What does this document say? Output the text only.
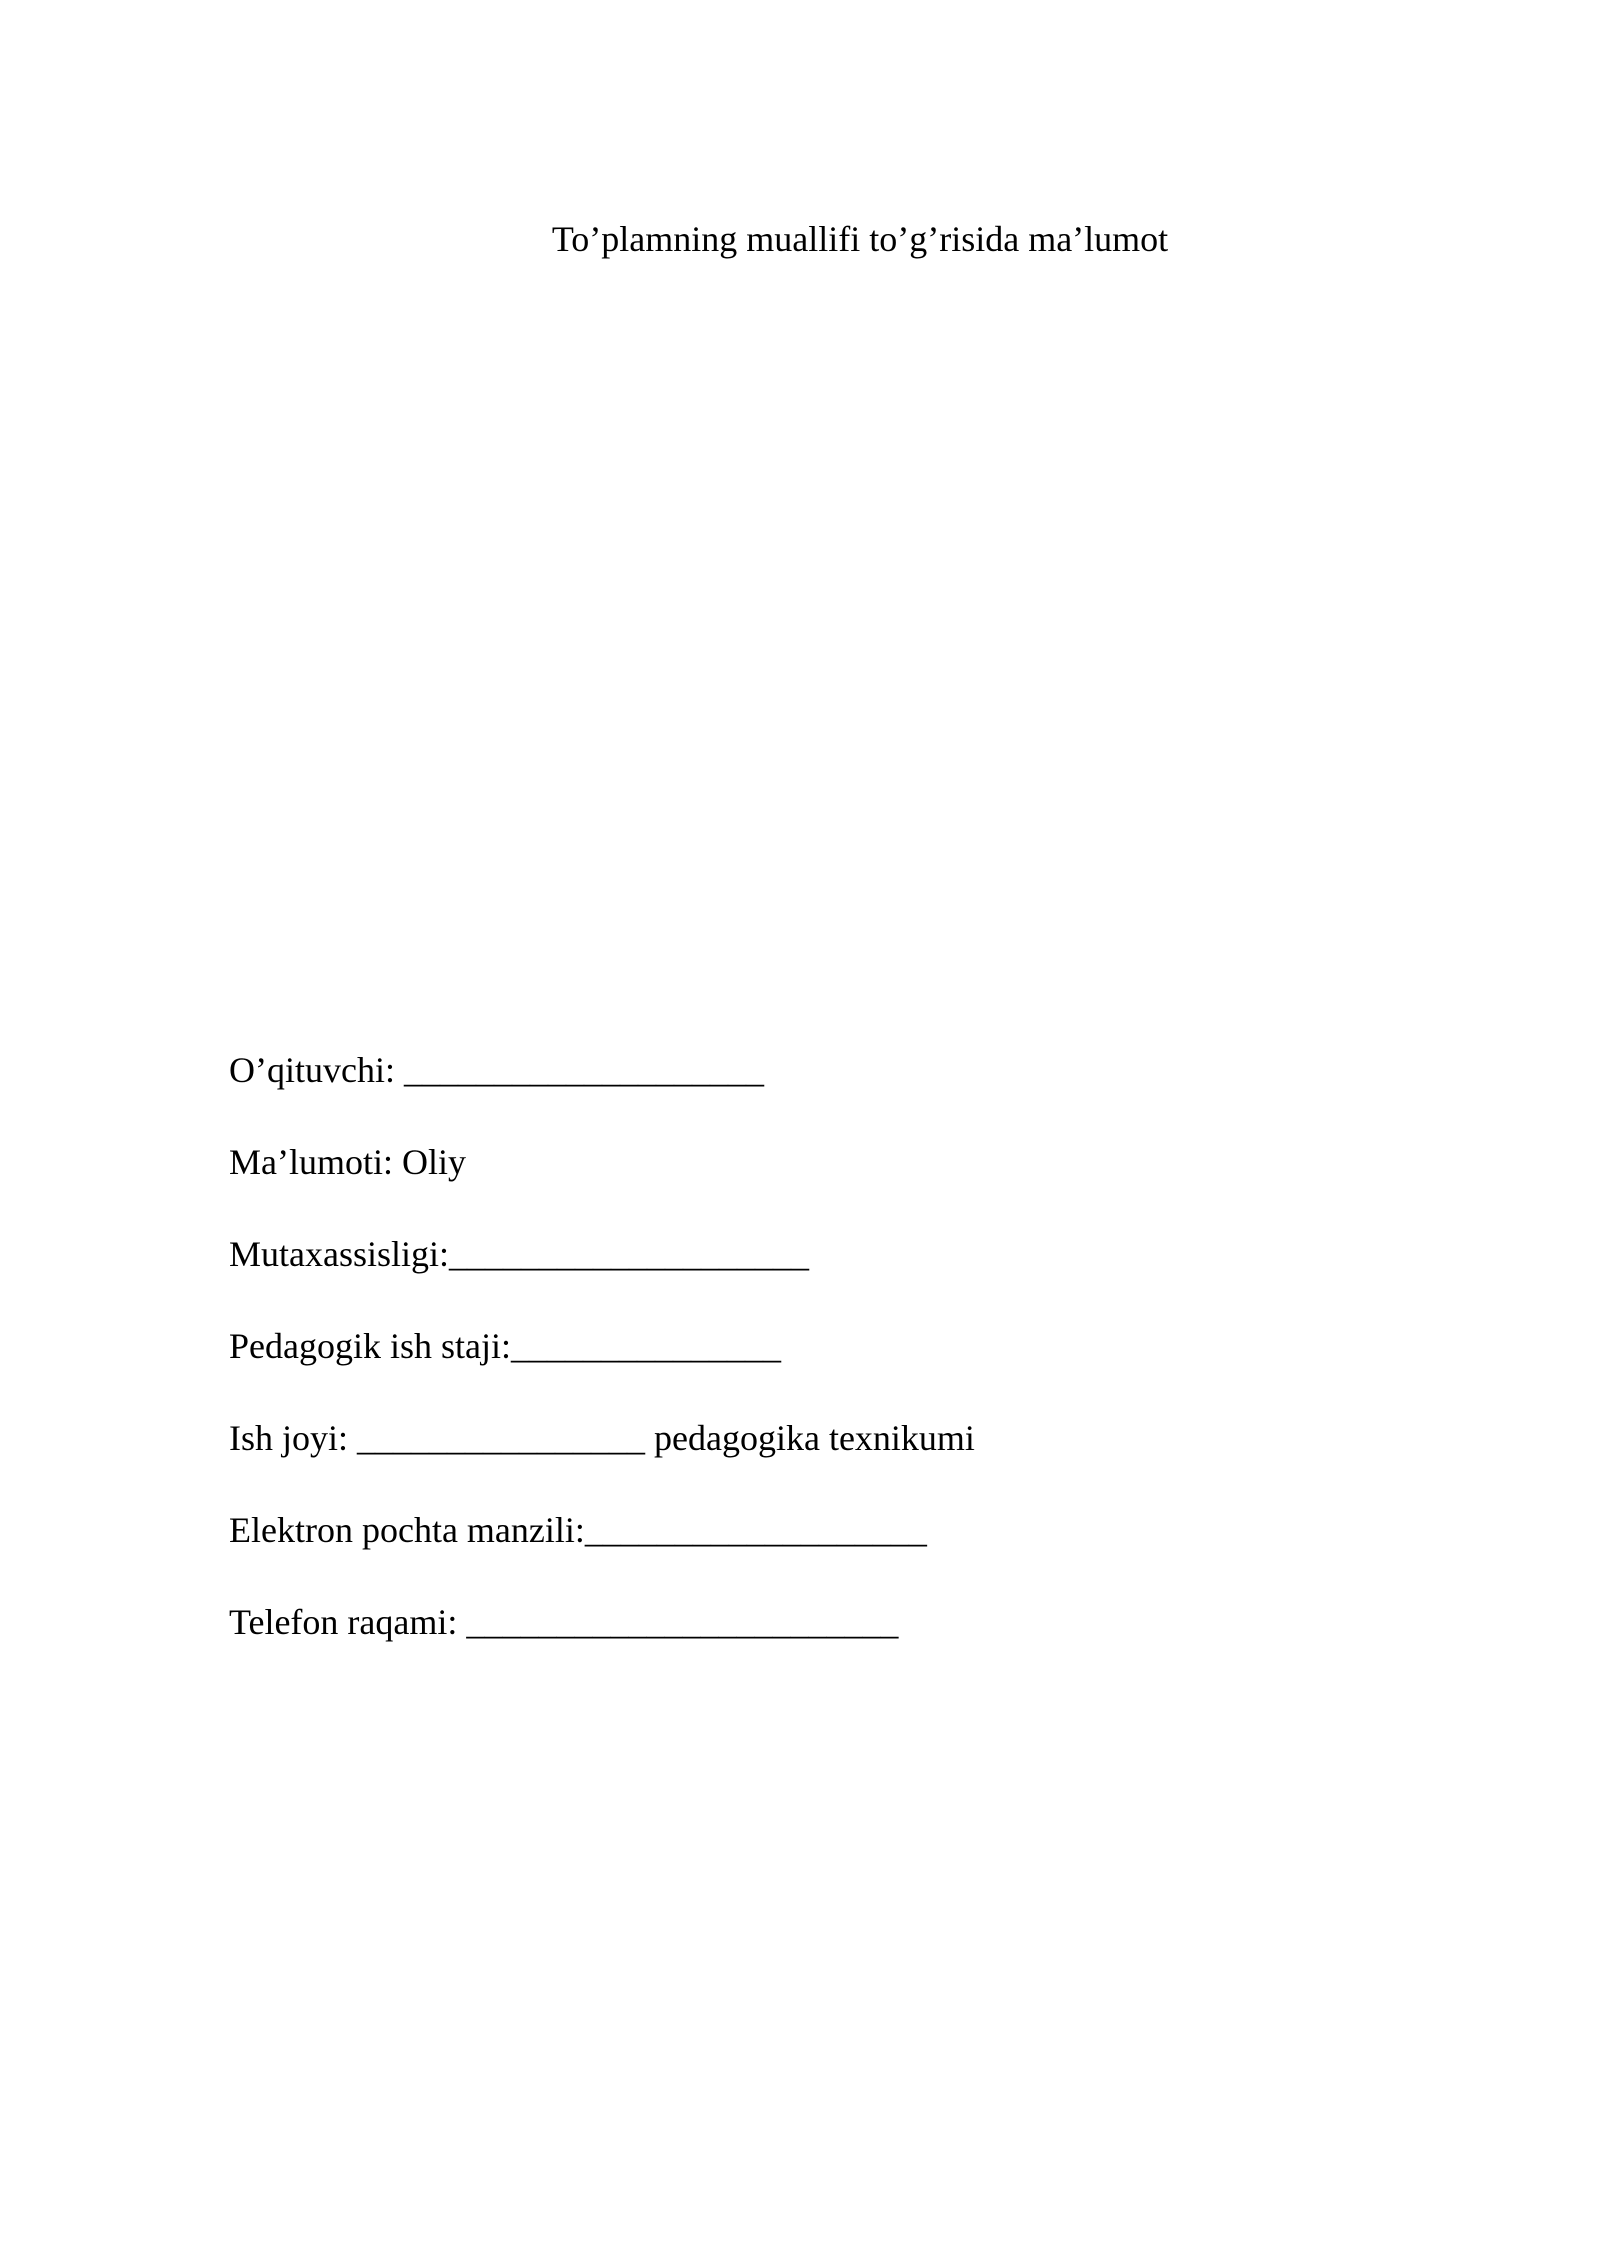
To’plamning muallifi to’g’risida ma’lumot
O’qituvchi: ____________________
Ma’lumoti: Oliy
Mutaxassisligi:____________________
Pedagogik ish staji:_______________
Ish joyi: ________________ pedagogika texnikumi
Elektron pochta manzili:___________________
Telefon raqami: ________________________
